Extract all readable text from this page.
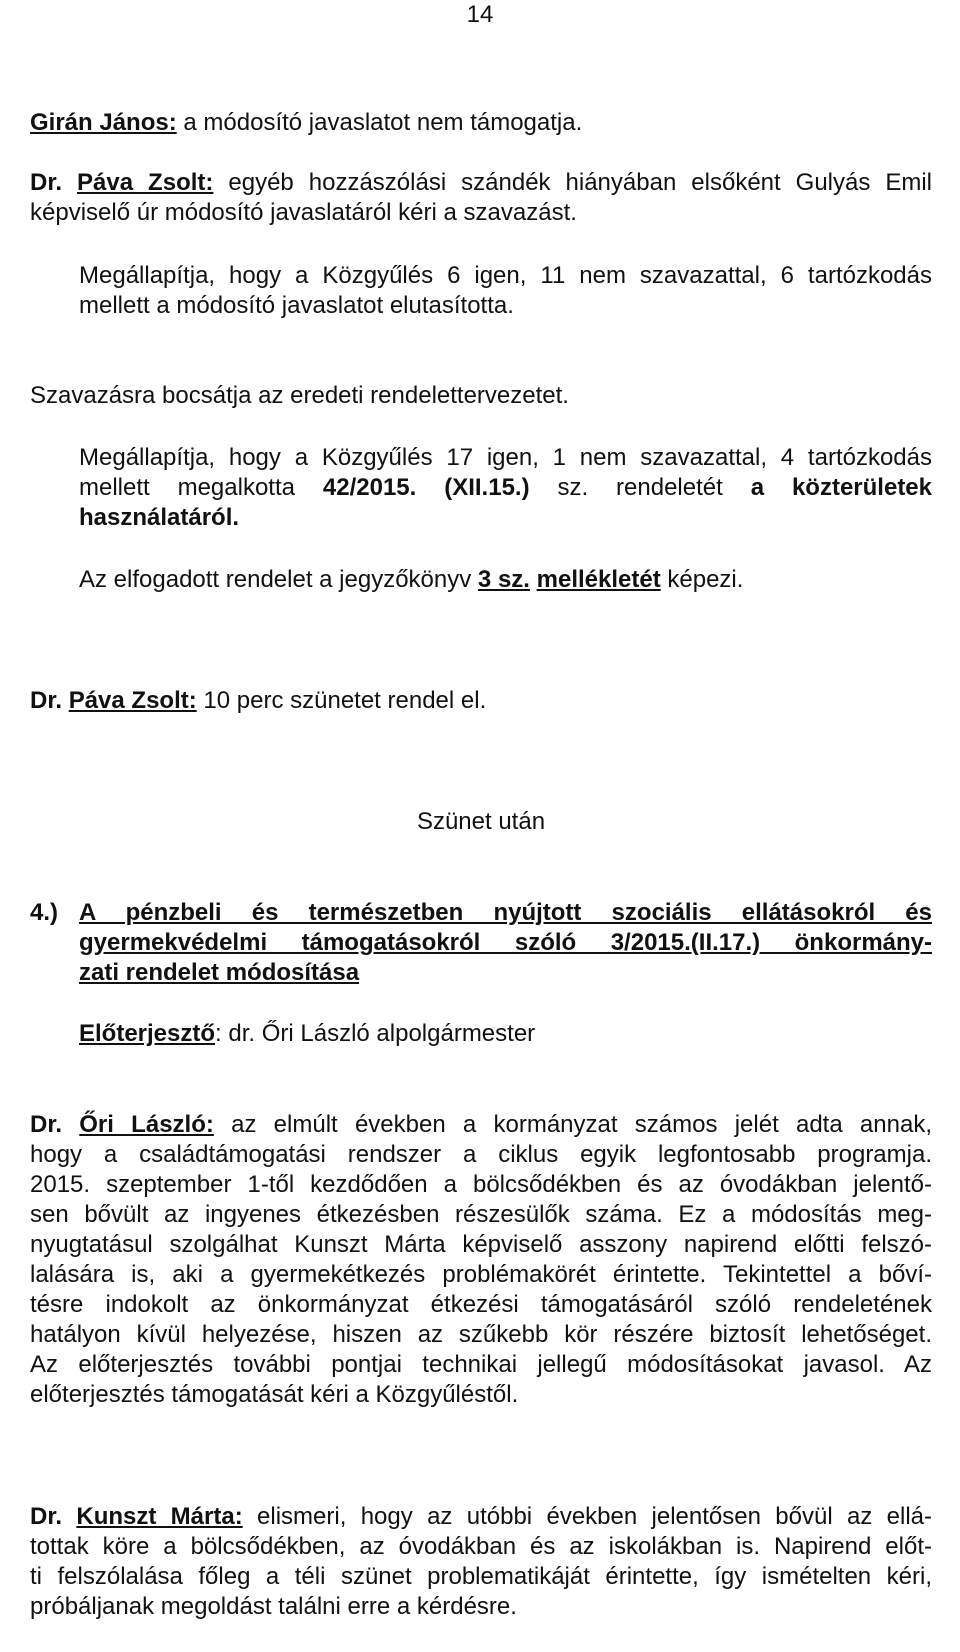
14
Girán János: a módosító javaslatot nem támogatja.
Dr. Páva Zsolt: egyéb hozzászólási szándék hiányában elsőként Gulyás Emil képviselő úr módosító javaslatáról kéri a szavazást.
Megállapítja, hogy a Közgyűlés 6 igen, 11 nem szavazattal, 6 tartózkodás mellett a módosító javaslatot elutasította.
Szavazásra bocsátja az eredeti rendelettervezetet.
Megállapítja, hogy a Közgyűlés 17 igen, 1 nem szavazattal, 4 tartózkodás mellett megalkotta 42/2015. (XII.15.) sz. rendeletét a közterületek használatáról.
Az elfogadott rendelet a jegyzőkönyv 3 sz. mellékletét képezi.
Dr. Páva Zsolt: 10 perc szünetet rendel el.
Szünet után
4.) A pénzbeli és természetben nyújtott szociális ellátásokról és
gyermekvédelmi támogatásokról szóló 3/2015.(II.17.) önkormány-
zati rendelet módosítása
Előterjesztő: dr. Őri László alpolgármester
Dr. Őri László: az elmúlt években a kormányzat számos jelét adta annak,
hogy a családtámogatási rendszer a ciklus egyik legfontosabb programja.
2015. szeptember 1-től kezdődően a bölcsődékben és az óvodákban jelentő-
sen bővült az ingyenes étkezésben részesülők száma. Ez a módosítás meg-
nyugtatásul szolgálhat Kunszt Márta képviselő asszony napirend előtti felszó-
lalására is, aki a gyermekétkezés problémakörét érintette. Tekintettel a bőví-
tésre indokolt az önkormányzat étkezési támogatásáról szóló rendeletének
hatályon kívül helyezése, hiszen az szűkebb kör részére biztosít lehetőséget.
Az előterjesztés további pontjai technikai jellegű módosításokat javasol. Az
előterjesztés támogatását kéri a Közgyűléstől.
Dr. Kunszt Márta: elismeri, hogy az utóbbi években jelentősen bővül az ellá-
tottak köre a bölcsődékben, az óvodákban és az iskolákban is. Napirend előt-
ti felszólalása főleg a téli szünet problematikáját érintette, így ismételten kéri,
próbáljanak megoldást találni erre a kérdésre.
